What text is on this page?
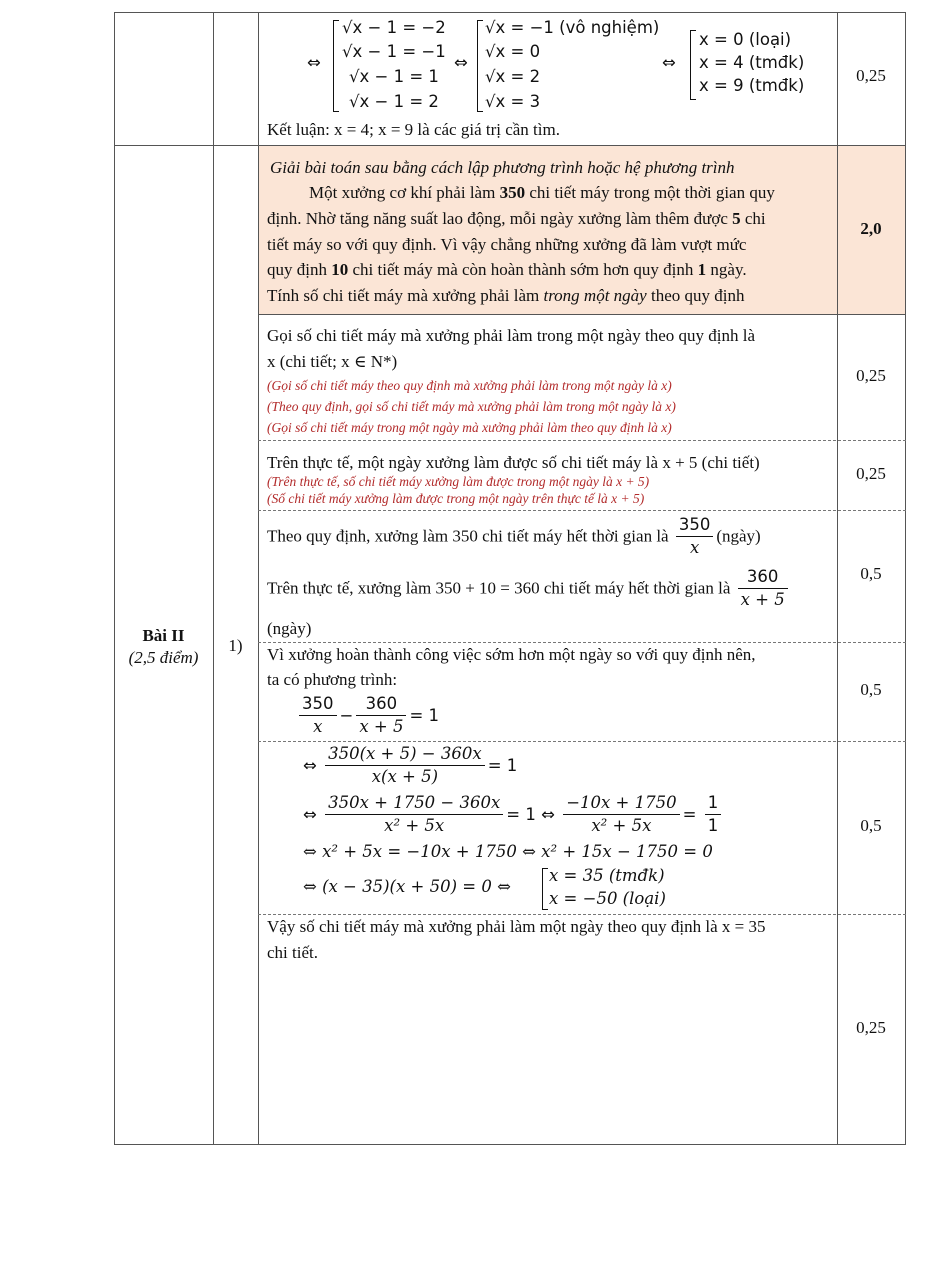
⇔
√x − 1 = −2
√x − 1 = −1
√x − 1 = 1
√x − 1 = 2
⇔
√x = −1 (vô nghiệm)
√x = 0
√x = 2
√x = 3
⇔
x = 0 (loại)
x = 4 (tmđk)
x = 9 (tmđk)
Kết luận: x = 4; x = 9 là các giá trị cần tìm.
0,25
Bài II
(2,5 điểm)
1)
Giải bài toán sau bằng cách lập phương trình hoặc hệ phương trình
Một xưởng cơ khí phải làm 350 chi tiết máy trong một thời gian quy
định. Nhờ tăng năng suất lao động, mỗi ngày xưởng làm thêm được 5 chi
tiết máy so với quy định. Vì vậy chẳng những xưởng đã làm vượt mức
quy định 10 chi tiết máy mà còn hoàn thành sớm hơn quy định 1 ngày.
Tính số chi tiết máy mà xưởng phải làm trong một ngày theo quy định
2,0
Gọi số chi tiết máy mà xưởng phải làm trong một ngày theo quy định là
x (chi tiết; x ∈ N*)
(Gọi số chi tiết máy theo quy định mà xưởng phải làm trong một ngày là x)
(Theo quy định, gọi số chi tiết máy mà xưởng phải làm trong một ngày là x)
(Gọi số chi tiết máy trong một ngày mà xưởng phải làm theo quy định là x)
0,25
Trên thực tế, một ngày xưởng làm được số chi tiết máy là x + 5 (chi tiết)
(Trên thực tế, số chi tiết máy xưởng làm được trong một ngày là x + 5)
(Số chi tiết máy xưởng làm được trong một ngày trên thực tế là x + 5)
0,25
Theo quy định, xưởng làm 350 chi tiết máy hết thời gian là $\frac{350}{x}$ (ngày)
Trên thực tế, xưởng làm 350 + 10 = 360 chi tiết máy hết thời gian là $\frac{360}{x + 5}$
(ngày)
0,5
Vì xưởng hoàn thành công việc sớm hơn một ngày so với quy định nên,
ta có phương trình:
$\frac{350}{x} - \frac{360}{x + 5} = 1$
0,5
⇔ $\frac{350(x + 5) - 360x}{x(x + 5)} = 1$
⇔ $\frac{350x + 1750 - 360x}{\text{x² + 5x}} = 1$ ⇔ $\frac{-10x + 1750}{\text{x² + 5x}} = \frac{1}{1}$
⇔ x² + 5x = −10x + 1750 ⇔ x² + 15x − 1750 = 0
⇔ (x − 35)(x + 50) = 0 ⇔
x = 35 (tmđk)
x = −50 (loại)
0,5
Vậy số chi tiết máy mà xưởng phải làm một ngày theo quy định là x = 35
chi tiết.
0,25
